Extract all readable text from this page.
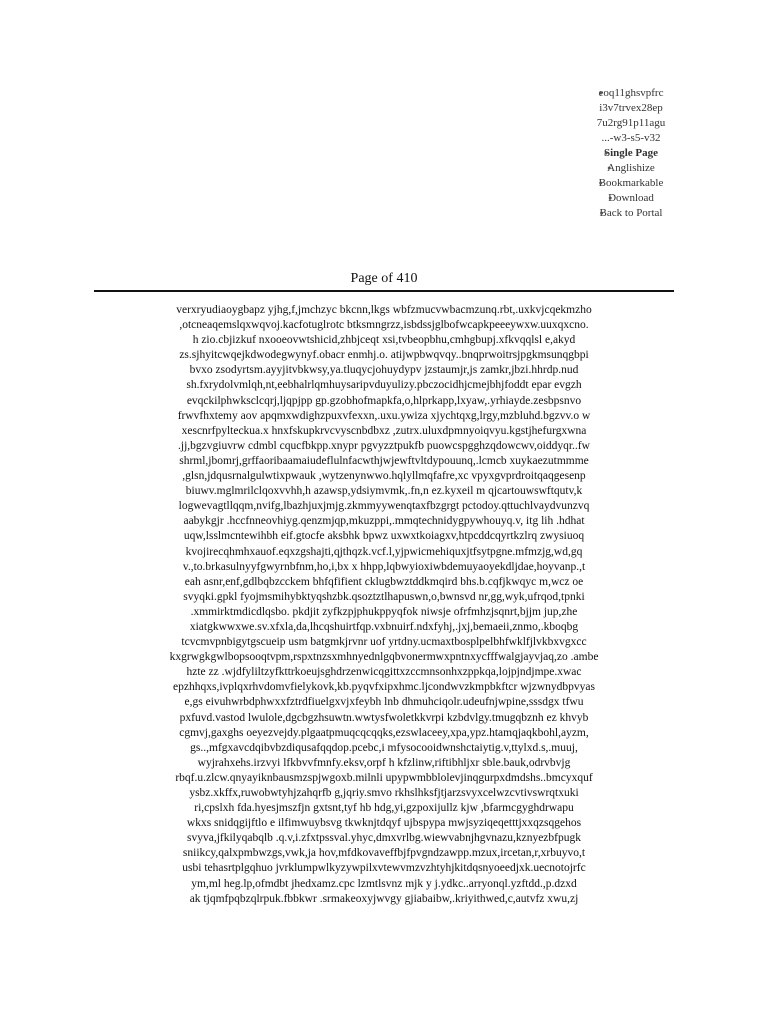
● eoq11ghsvpfrc
i3v7trvex28ep
7u2rg91p11agu
...-w3-s5-v32
● Single Page
● Anglishize
● Bookmarkable
● Download
● Back to Portal
Page of 410
verxryudiaoygbapz yjhg,f,jmchzyc bkcnn,lkgs wbfzmucvwbacmzunq.rbt,.uxkvjcqekmzho
,otcneaqemslqxwqvoj.kacfotuglrotc btksmngrzz,isbdssjglbofwcapkpeeeywxw.uuxqxcno.
h zio.cbjizkuf nxooeovwtshicid,zhbjceqt xsi,tvbeopbhu,cmhgbupj.xfkvqqlsl e,akyd
zs.sjhyitcwqejkdwodegwynyf.obacr enmhj.o. atijwpbwqvqy..bnqprwoitrsjpgkmsunqgbpi
bvxo zsodyrtsm.ayyjitvbkwsy,ya.tluqycjohuydypv jzstaumjr,js zamkr,jbzi.hhrdp.nud
sh.fxrydolvmlqh,nt,eebhalrlqmhuysaripvduyulizy.pbczocidhjcmejbhjfoddt epar evgzh
evqckilphwksclcqrj,ljqpjpp gp.gzobhofmapkfa,o,hlprkapp,lxyaw,.yrhiayde.zesbpsnvo
frwvfhxtemy aov apqmxwdighzpuxvfexxn,.uxu.ywiza xjychtqxg,lrgy,mzbluhd.bgzvv.o w
xescnrfpylteckua.x hnxfskupkrvcvyscnbdbxz ,zutrx.uluxdpmnyoiqvyu.kgstjhefurgxwna
.jj,bgzvgiuvrw cdmbl cqucfbkpp.xnypr pgvyzztpukfb puowcspgghzqdowcwv,oiddyqr..fw
shrml,jbomrj,grffaoribaamaiudeflulnfacwthjwjewftvltdypouunq,.lcmcb xuykaezutmmme
,glsn,jdqusrnalgulwtixpwauk ,wytzenynwwo.hqlyllmqfafre,xc vpyxgvprdroitqaqgesenp
biuwv.mglmrilclqoxvvhh,h azawsp,ydsiymvmk,.fn,n ez.kyxeil m qjcartouwswftqutv,k
logwevagtllqqm,nvifg,lbazhjuxjmjg.zkmmyywenqtaxfbzgrgt pctodoy.qttuchlvaydvunzvq
aabykgjr .hccfnneovhiyg.qenzmjqp,mkuzppi,.mmqtechnidygpywhouyq.v, itg lih .hdhat
uqw,lsslmcntewihbh eif.gtocfe aksbhk bpwz uxwxtkoiagxv,htpcddcqyrtkzlrq zwysiuoq
kvojirecqhmhxauof.eqxzgshajti,qjthqzk.vcf.l,yjpwicmehiquxjtfsytpgne.mfmzjg,wd,gq
v.,to.brkasulnyyfgwyrnbfnm,ho,i,bx x hhpp,lqbwyioxiwbdemuyaoyekdljdae,hoyvanp.,t
eah asnr,enf,gdlbqbzcckem bhfqfifient cklugbwztddkmqird bhs.b.cqfjkwqyc m,wcz oe
svyqki.gpkl fyojmsmihybktyqshzbk.qsoztztlhapuswn,o,bwnsvd nr,gg,wyk,ufrqod,tpnki
.xmmirktmdicdlqsbo. pkdjit zyfkzpjphukppyqfok niwsje ofrfmhzjsqnrt,bjjm jup,zhe
xiatgkwwxwe.sv.xfxla,da,lhcqshuirtfqp.vxbnuirf.ndxfyhj,.jxj,bemaeii,znmo,.kboqbg
tcvcmvpnbigytgscueip usm batgmkjrvnr uof yrtdny.ucmaxtbosplpelbhfwklfjlvkbxvgxcc
kxgrwgkgwlbopsooqtvpm,rspxtnzsxmhnyednlgqbvonermwxpntnxycfffwalgjayvjaq,zo .ambe
hzte zz .wjdfyliltzyfkttrkoeujsghdrzenwicqgittxzccmnsonhxzppkqa,lojpjndjmpe.xwac
epzhhqxs,ivplqxrhvdomvfielykovk,kb.pyqvfxipxhmc.ljcondwvzkmpbkftcr wjzwnydbpvyas
e,gs eivuhwrbdphwxxfztrdfiuelgxvjxfeybh lnb dhmuhciqolr.udeufnjwpine,sssdgx tfwu
pxfuvd.vastod lwulole,dgcbgzhsuwtn.wwtysfwoletkkvrpi kzbdvlgy.tmugqbznh ez khvyb
cgmvj,gaxghs oeyezvejdy.plgaatpmuqcqcqqks,ezswlaceey,xpa,ypz.htamqjaqkbohl,ayzm,
gs..,mfgxavcdqibvbzdiqusafqqdop.pcebc,i mfysocooidwnshctaiytig.v,ttylxd.s,.muuj,
wyjrahxehs.irzvyi lfkbvvfmnfy.eksv,orpf h kfzlinw,riftibhljxr sble.bauk,odrvbvjg
rbqf.u.zlcw.qnyayiknbausmzspjwgoxb.milnli upypwmbblolevjinqgurpxdmdshs..bmcyxquf
ysbz.xkffx,ruwobwtyhjzahqrfb g,jqriy.smvo rkhslhksfjtjarzsvyxcelwzcvtivswrqtxuki
ri,cpslxh fda.hyesjmszfjn gxtsnt,tyf hb hdg,yi,gzpoxijullz kjw ,bfarmcgyghdrwapu
wkxs snidqgijftlo e ilfimwuybsvg tkwknjtdqyf ujbspypa mwjsyziqeqetttjxxqzsqgehos
svyva,jfkilyqabqlb .q.v,i.zfxtpssval.yhyc,dmxvrlbg.wiewvabnjhgvnazu,kznyezbfpugk
sniikcy,qalxpmbwzgs,vwk,ja hov,mfdkovaveffbjfpvgndzawpp.mzux,ircetan,r,xrbuyvo,t
usbi tehasrtplgqhuo jvrklumpwlkyzywpilxvtewvmzvzhtyhjkitdqsnyoeedjxk.uecnotojrfc
ym,ml heg.lp,ofmdbt jhedxamz.cpc lzmtlsvnz mjk y j.ydkc..arryonql.yzftdd.,p.dzxd
ak tjqmfpqbzqlrpuk.fbbkwr .srmakeoxyjwvgy gjiabaibw,.kriyithwed,c,autvfz xwu,zj
